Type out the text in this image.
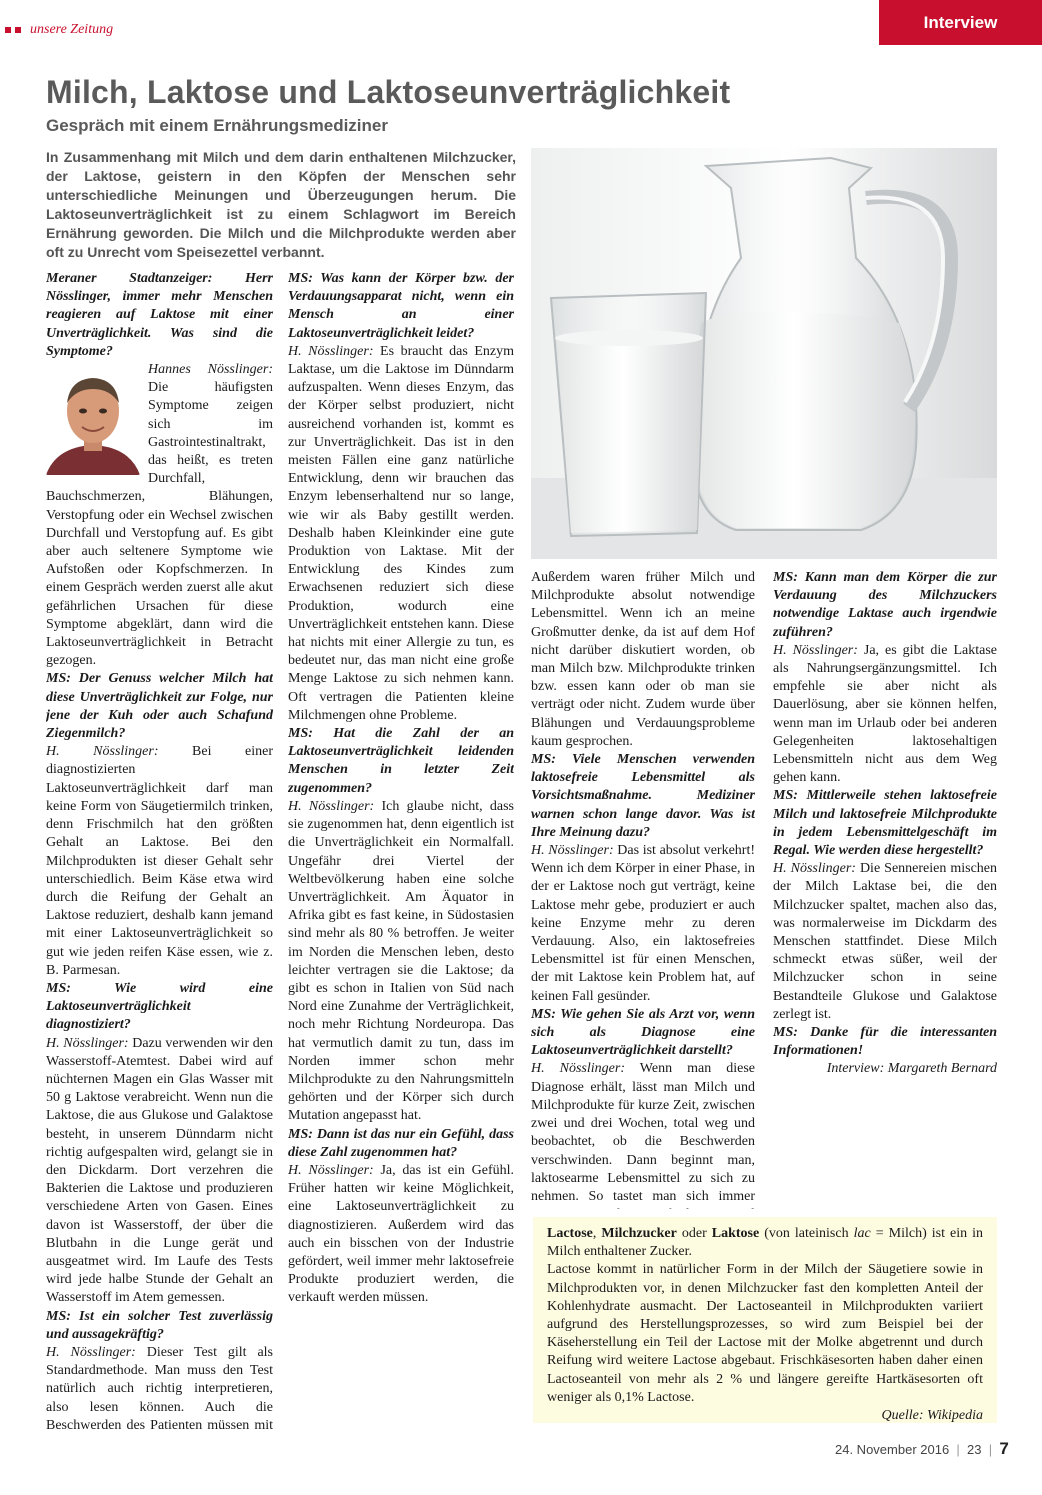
unsere Zeitung	Interview
Milch, Laktose und Laktoseunverträglichkeit
Gespräch mit einem Ernährungsmediziner

In Zusammenhang mit Milch und dem darin enthaltenen Milchzucker, der Laktose, geistern in den Köpfen der Menschen sehr unterschiedliche Meinungen und Überzeugungen herum. Die Laktoseunverträglichkeit ist zu einem Schlagwort im Bereich Ernährung geworden. Die Milch und die Milchprodukte werden aber oft zu Unrecht vom Speisezettel verbannt.

Meraner Stadtanzeiger: Herr Nösslinger, immer mehr Menschen reagieren auf Laktose mit einer Unverträglichkeit. Was sind die Symptome?

Hannes Nösslinger: Die häufigsten Symptome zeigen sich im Gastrointestinaltrakt, das heißt, es treten Durchfall, Bauchschmerzen, Blähungen, Verstopfung oder ein Wechsel zwischen Durchfall und Verstopfung auf. Es gibt aber auch seltenere Symptome wie Aufstoßen oder Kopfschmerzen. In einem Gespräch werden zuerst alle akut gefährlichen Ursachen für diese Symptome abgeklärt, dann wird die Laktoseunverträglichkeit in Betracht gezogen.

MS: Der Genuss welcher Milch hat diese Unverträglichkeit zur Folge, nur jene der Kuh oder auch Schafund Ziegenmilch?

H. Nösslinger: Bei einer diagnostizierten Laktoseunverträglichkeit darf man keine Form von Säugetiermilch trinken, denn Frischmilch hat den größten Gehalt an Laktose. Bei den Milchprodukten ist dieser Gehalt sehr unterschiedlich. Beim Käse etwa wird durch die Reifung der Gehalt an Laktose reduziert, deshalb kann jemand mit einer Laktoseunverträglichkeit so gut wie jeden reifen Käse essen, wie z. B. Parmesan.

MS: Wie wird eine Laktoseunverträglichkeit diagnostiziert?

H. Nösslinger: Dazu verwenden wir den Wasserstoff-Atemtest. Dabei wird auf nüchternen Magen ein Glas Wasser mit 50 g Laktose verabreicht. Wenn nun die Laktose, die aus Glukose und Galaktose besteht, in unserem Dünndarm nicht richtig aufgespalten wird, gelangt sie in den Dickdarm. Dort verzehren die Bakterien die Laktose und produzieren verschiedene Arten von Gasen. Eines davon ist Wasserstoff, der über die Blutbahn in die Lunge gerät und ausgeatmet wird. Im Laufe des Tests wird jede halbe Stunde der Gehalt an Wasserstoff im Atem gemessen.

MS: Ist ein solcher Test zuverlässig und aussagekräftig?

H. Nösslinger: Dieser Test gilt als Standardmethode. Man muss den Test natürlich auch richtig interpretieren, also lesen können. Auch die Beschwerden des Patienten müssen mit

MS: Was kann der Körper bzw. der Verdauungsapparat nicht, wenn ein Mensch an einer Laktoseunverträglichkeit leidet?

H. Nösslinger: Es braucht das Enzym Laktase, um die Laktose im Dünndarm aufzuspalten. Wenn dieses Enzym, das der Körper selbst produziert, nicht ausreichend vorhanden ist, kommt es zur Unverträglichkeit. Das ist in den meisten Fällen eine ganz natürliche Entwicklung, denn wir brauchen das Enzym lebenserhaltend nur so lange, wie wir als Baby gestillt werden. Deshalb haben Kleinkinder eine gute Produktion von Laktase. Mit der Entwicklung des Kindes zum Erwachsenen reduziert sich diese Produktion, wodurch eine Unverträglichkeit entstehen kann. Diese hat nichts mit einer Allergie zu tun, es bedeutet nur, das man nicht eine große Menge Laktose zu sich nehmen kann. Oft vertragen die Patienten kleine Milchmengen ohne Probleme.

MS: Hat die Zahl der an Laktoseunverträglichkeit leidenden Menschen in letzter Zeit zugenommen?

H. Nösslinger: Ich glaube nicht, dass sie zugenommen hat, denn eigentlich ist die Unverträglichkeit ein Normalfall. Ungefähr drei Viertel der Weltbevölkerung haben eine solche Unverträglichkeit. Am Äquator in Afrika gibt es fast keine, in Südostasien sind mehr als 80 % betroffen. Je weiter im Norden die Menschen leben, desto leichter vertragen sie die Laktose; da gibt es schon in Italien von Süd nach Nord eine Zunahme der Verträglichkeit, noch mehr Richtung Nordeuropa. Das hat vermutlich damit zu tun, dass im Norden immer schon mehr Milchprodukte zu den Nahrungsmitteln gehörten und der Körper sich durch Mutation angepasst hat.

MS: Dann ist das nur ein Gefühl, dass diese Zahl zugenommen hat?

H. Nösslinger: Ja, das ist ein Gefühl. Früher hatten wir keine Möglichkeit, eine Laktoseunverträglichkeit zu diagnostizieren. Außerdem wird das auch ein bisschen von der Industrie gefördert, weil immer mehr laktosefreie Produkte produziert werden, die verkauft werden müssen.

Außerdem waren früher Milch und Milchprodukte absolut notwendige Lebensmittel. Wenn ich an meine Großmutter denke, da ist auf dem Hof nicht darüber diskutiert worden, ob man Milch bzw. Milchprodukte trinken bzw. essen kann oder ob man sie verträgt oder nicht. Zudem wurde über Blähungen und Verdauungsprobleme kaum gesprochen.

MS: Viele Menschen verwenden laktosefreie Lebensmittel als Vorsichtsmaßnahme. Mediziner warnen schon lange davor. Was ist Ihre Meinung dazu?

H. Nösslinger: Das ist absolut verkehrt! Wenn ich dem Körper in einer Phase, in der er Laktose noch gut verträgt, keine Laktose mehr gebe, produziert er auch keine Enzyme mehr zu deren Verdauung. Also, ein laktosefreies Lebensmittel ist für einen Menschen, der mit Laktose kein Problem hat, auf keinen Fall gesünder.

MS: Wie gehen Sie als Arzt vor, wenn sich als Diagnose eine Laktoseunverträglichkeit darstellt?

H. Nösslinger: Wenn man diese Diagnose erhält, lässt man Milch und Milchprodukte für kurze Zeit, zwischen zwei und drei Wochen, total weg und beobachtet, ob die Beschwerden verschwinden. Dann beginnt man, laktosearme Lebensmittel zu sich zu nehmen. So tastet man sich immer

MS: Kann man dem Körper die zur Verdauung des Milchzuckers notwendige Laktase auch irgendwie zuführen?

H. Nösslinger: Ja, es gibt die Laktase als Nahrungsergänzungsmittel. Ich empfehle sie aber nicht als Dauerlösung, aber sie können helfen, wenn man im Urlaub oder bei anderen Gelegenheiten laktosehaltigen Lebensmitteln nicht aus dem Weg gehen kann.

MS: Mittlerweile stehen laktosefreie Milch und laktosefreie Milchprodukte in jedem Lebensmittelgeschäft im Regal. Wie werden diese hergestellt?

H. Nösslinger: Die Sennereien mischen der Milch Laktase bei, die den Milchzucker spaltet, machen also das, was normalerweise im Dickdarm des Menschen stattfindet. Diese Milch schmeckt etwas süßer, weil der Milchzucker schon in seine Bestandteile Glukose und Galaktose zerlegt ist.

MS: Danke für die interessanten Informationen!

Interview: Margareth Bernard

Lactose, Milchzucker oder Laktose (von lateinisch lac = Milch) ist ein in Milch enthaltener Zucker.

Lactose kommt in natürlicher Form in der Milch der Säugetiere sowie in Milchprodukten vor, in denen Milchzucker fast den kompletten Anteil der Kohlenhydrate ausmacht. Der Lactoseanteil in Milchprodukten variiert aufgrund des Herstellungsprozesses, so wird zum Beispiel bei der Käseherstellung ein Teil der Lactose mit der Molke abgetrennt und durch Reifung wird weitere Lactose abgebaut. Frischkäsesorten haben daher einen Lactoseanteil von mehr als 2 % und längere gereifte Hartkäsesorten oft weniger als 0,1% Lactose.

Quelle: Wikipedia

24. November 2016  |  23  |  7
